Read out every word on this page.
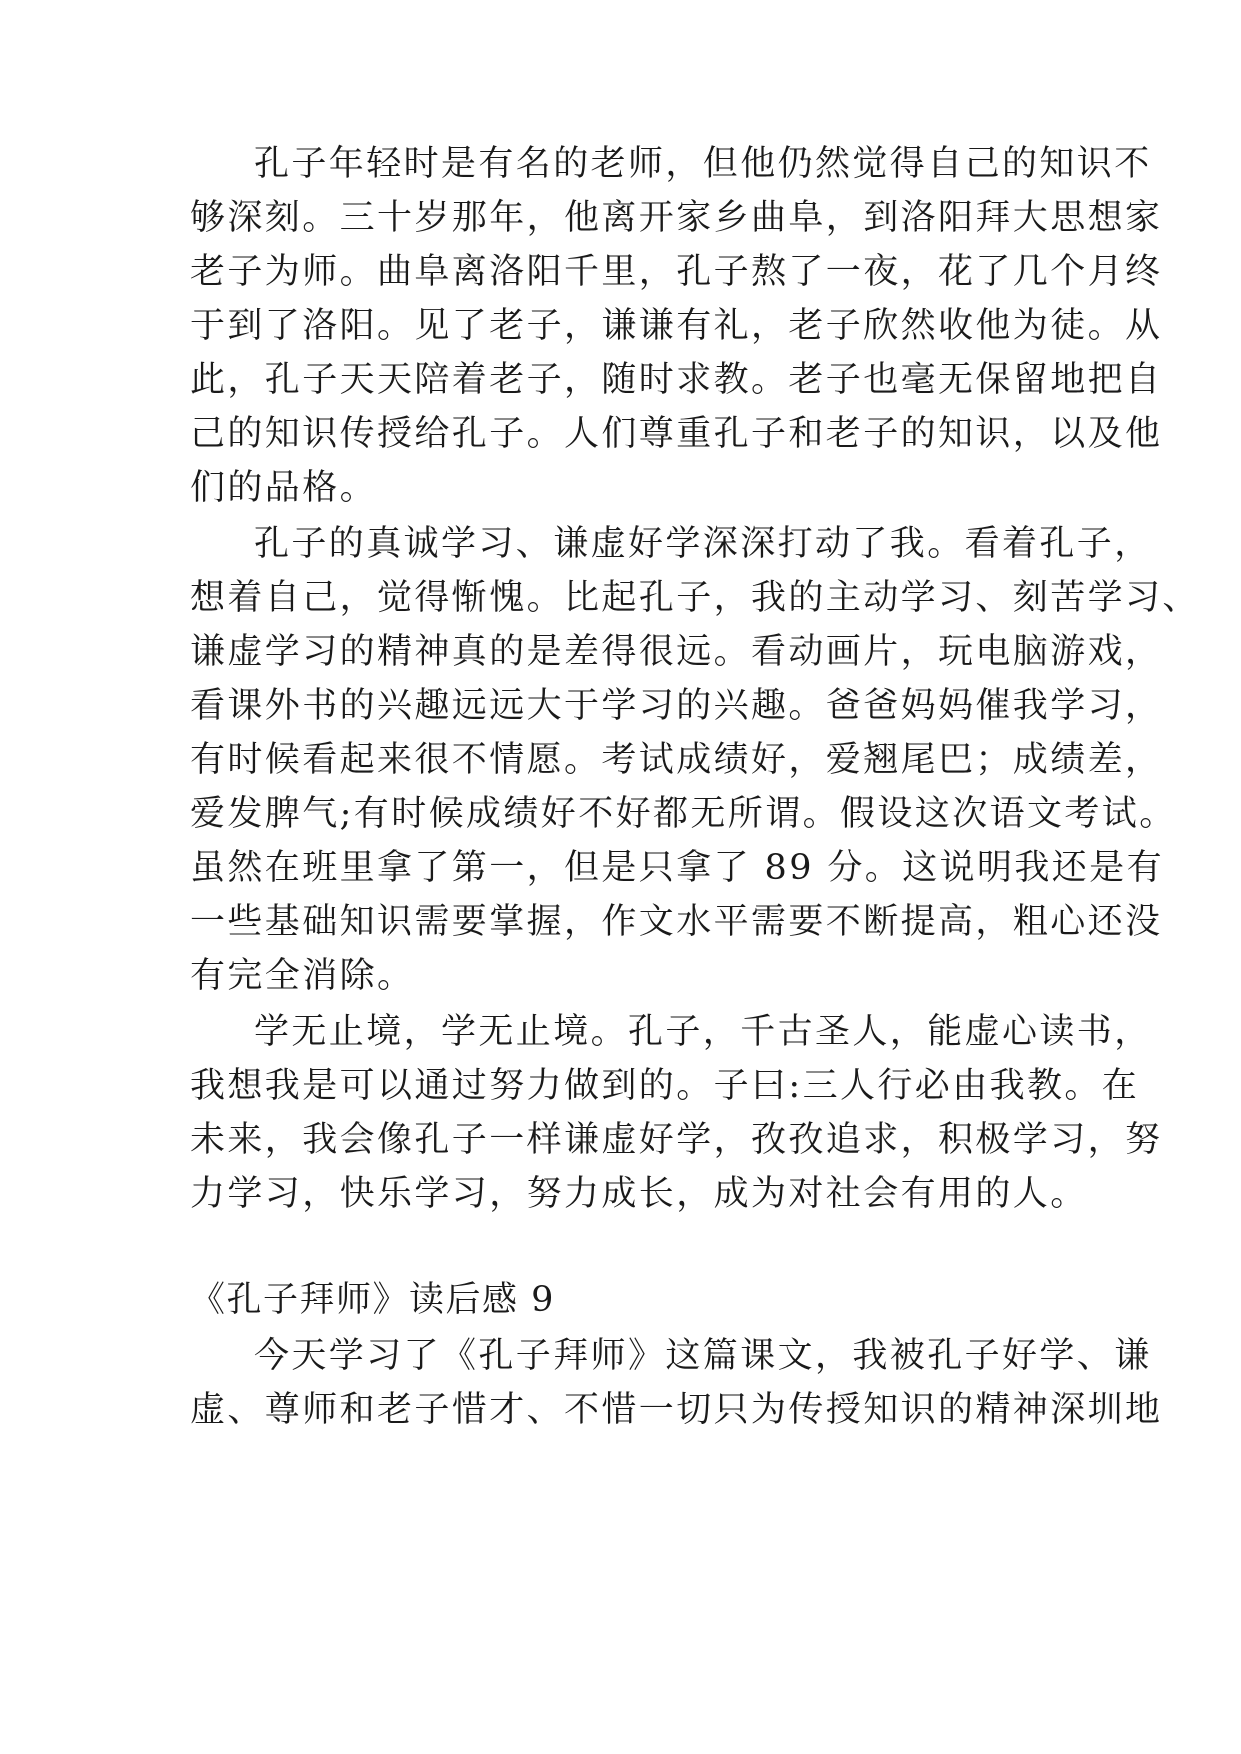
孔子年轻时是有名的老师，但他仍然觉得自己的知识不
够深刻。三十岁那年，他离开家乡曲阜，到洛阳拜大思想家
老子为师。曲阜离洛阳千里，孔子熬了一夜，花了几个月终
于到了洛阳。见了老子，谦谦有礼，老子欣然收他为徒。从
此，孔子天天陪着老子，随时求教。老子也毫无保留地把自
己的知识传授给孔子。人们尊重孔子和老子的知识，以及他
们的品格。
孔子的真诚学习、谦虚好学深深打动了我。看着孔子，
想着自己，觉得惭愧。比起孔子，我的主动学习、刻苦学习、
谦虚学习的精神真的是差得很远。看动画片，玩电脑游戏，
看课外书的兴趣远远大于学习的兴趣。爸爸妈妈催我学习，
有时候看起来很不情愿。考试成绩好，爱翘尾巴；成绩差，
爱发脾气;有时候成绩好不好都无所谓。假设这次语文考试。
虽然在班里拿了第一，但是只拿了 89 分。这说明我还是有
一些基础知识需要掌握，作文水平需要不断提高，粗心还没
有完全消除。
学无止境，学无止境。孔子，千古圣人，能虚心读书，
我想我是可以通过努力做到的。子曰:三人行必由我教。在
未来，我会像孔子一样谦虚好学，孜孜追求，积极学习，努
力学习，快乐学习，努力成长，成为对社会有用的人。
《孔子拜师》读后感 9
今天学习了《孔子拜师》这篇课文，我被孔子好学、谦
虚、尊师和老子惜才、不惜一切只为传授知识的精神深圳地
